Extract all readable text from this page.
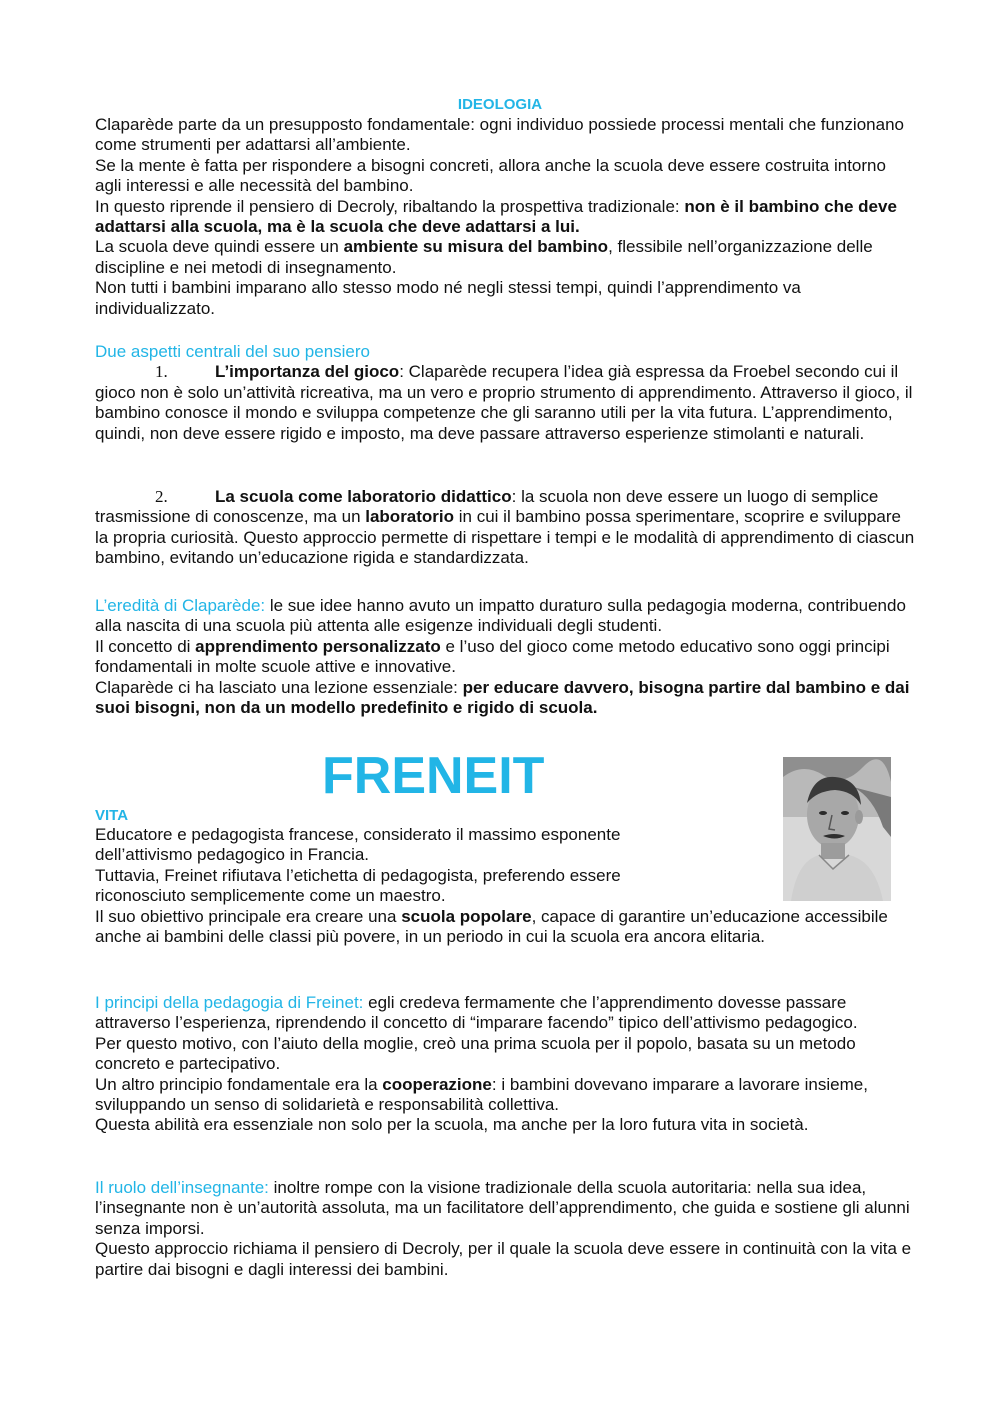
IDEOLOGIA

Claparède parte da un presupposto fondamentale: ogni individuo possiede processi mentali che funzionano come strumenti per adattarsi all’ambiente.

Se la mente è fatta per rispondere a bisogni concreti, allora anche la scuola deve essere costruita intorno agli interessi e alle necessità del bambino.

In questo riprende il pensiero di Decroly, ribaltando la prospettiva tradizionale: non è il bambino che deve adattarsi alla scuola, ma è la scuola che deve adattarsi a lui.

La scuola deve quindi essere un ambiente su misura del bambino, flessibile nell’organizzazione delle discipline e nei metodi di insegnamento.

Non tutti i bambini imparano allo stesso modo né negli stessi tempi, quindi l’apprendimento va individualizzato.

Due aspetti centrali del suo pensiero

1.	L’importanza del gioco: Claparède recupera l’idea già espressa da Froebel secondo cui il gioco non è solo un’attività ricreativa, ma un vero e proprio strumento di apprendimento. Attraverso il gioco, il bambino conosce il mondo e sviluppa competenze che gli saranno utili per la vita futura. L’apprendimento, quindi, non deve essere rigido e imposto, ma deve passare attraverso esperienze stimolanti e naturali.

2.	La scuola come laboratorio didattico: la scuola non deve essere un luogo di semplice trasmissione di conoscenze, ma un laboratorio in cui il bambino possa sperimentare, scoprire e sviluppare la propria curiosità. Questo approccio permette di rispettare i tempi e le modalità di apprendimento di ciascun bambino, evitando un’educazione rigida e standardizzata.

L’eredità di Claparède: le sue idee hanno avuto un impatto duraturo sulla pedagogia moderna, contribuendo alla nascita di una scuola più attenta alle esigenze individuali degli studenti.

Il concetto di apprendimento personalizzato e l’uso del gioco come metodo educativo sono oggi principi fondamentali in molte scuole attive e innovative.

Claparède ci ha lasciato una lezione essenziale: per educare davvero, bisogna partire dal bambino e dai suoi bisogni, non da un modello predefinito e rigido di scuola.

FRENEIT
VITA

Educatore e pedagogista francese, considerato il massimo esponente

dell’attivismo pedagogico in Francia.

Tuttavia, Freinet rifiutava l’etichetta di pedagogista, preferendo essere

riconosciuto semplicemente come un maestro.

Il suo obiettivo principale era creare una scuola popolare, capace di garantire un’educazione accessibile anche ai bambini delle classi più povere, in un periodo in cui la scuola era ancora elitaria.

I principi della pedagogia di Freinet: egli credeva fermamente che l’apprendimento dovesse passare attraverso l’esperienza, riprendendo il concetto di “imparare facendo” tipico dell’attivismo pedagogico.

Per questo motivo, con l’aiuto della moglie, creò una prima scuola per il popolo, basata su un metodo concreto e partecipativo.

Un altro principio fondamentale era la cooperazione: i bambini dovevano imparare a lavorare insieme, sviluppando un senso di solidarietà e responsabilità collettiva.

Questa abilità era essenziale non solo per la scuola, ma anche per la loro futura vita in società.

Il ruolo dell’insegnante: inoltre rompe con la visione tradizionale della scuola autoritaria: nella sua idea, l’insegnante non è un’autorità assoluta, ma un facilitatore dell’apprendimento, che guida e sostiene gli alunni senza imporsi.

Questo approccio richiama il pensiero di Decroly, per il quale la scuola deve essere in continuità con la vita e partire dai bisogni e dagli interessi dei bambini.
